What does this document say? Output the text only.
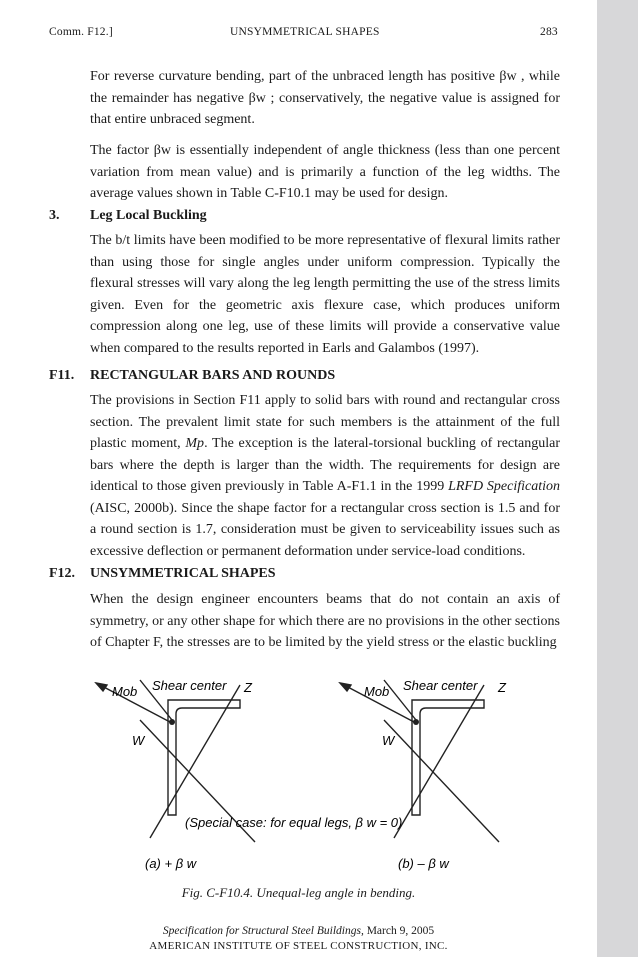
Comm. F12.]	UNSYMMETRICAL SHAPES	283

For reverse curvature bending, part of the unbraced length has positive βw , while the remainder has negative βw ; conservatively, the negative value is assigned for that entire unbraced segment.

The factor βw is essentially independent of angle thickness (less than one percent variation from mean value) and is primarily a function of the leg widths. The average values shown in Table C-F10.1 may be used for design.

3. Leg Local Buckling

The b/t limits have been modified to be more representative of flexural limits rather than using those for single angles under uniform compression. Typically the flexural stresses will vary along the leg length permitting the use of the stress limits given. Even for the geometric axis flexure case, which produces uniform compression along one leg, use of these limits will provide a conservative value when compared to the results reported in Earls and Galambos (1997).

F11. RECTANGULAR BARS AND ROUNDS

The provisions in Section F11 apply to solid bars with round and rectangular cross section. The prevalent limit state for such members is the attainment of the full plastic moment, Mp. The exception is the lateral-torsional buckling of rectangular bars where the depth is larger than the width. The requirements for design are identical to those given previously in Table A-F1.1 in the 1999 LRFD Specification (AISC, 2000b). Since the shape factor for a rectangular cross section is 1.5 and for a round section is 1.7, consideration must be given to serviceability issues such as excessive deflection or permanent deformation under service-load conditions.

F12. UNSYMMETRICAL SHAPES

When the design engineer encounters beams that do not contain an axis of symmetry, or any other shape for which there are no provisions in the other sections of Chapter F, the stresses are to be limited by the yield stress or the elastic buckling

Mob Shear center Z
W
(a) + β w
Mob Shear center Z
W
(b) – β w
(Special case: for equal legs, β w = 0)
Fig. C-F10.4. Unequal-leg angle in bending.
Specification for Structural Steel Buildings, March 9, 2005
AMERICAN INSTITUTE OF STEEL CONSTRUCTION, INC.
